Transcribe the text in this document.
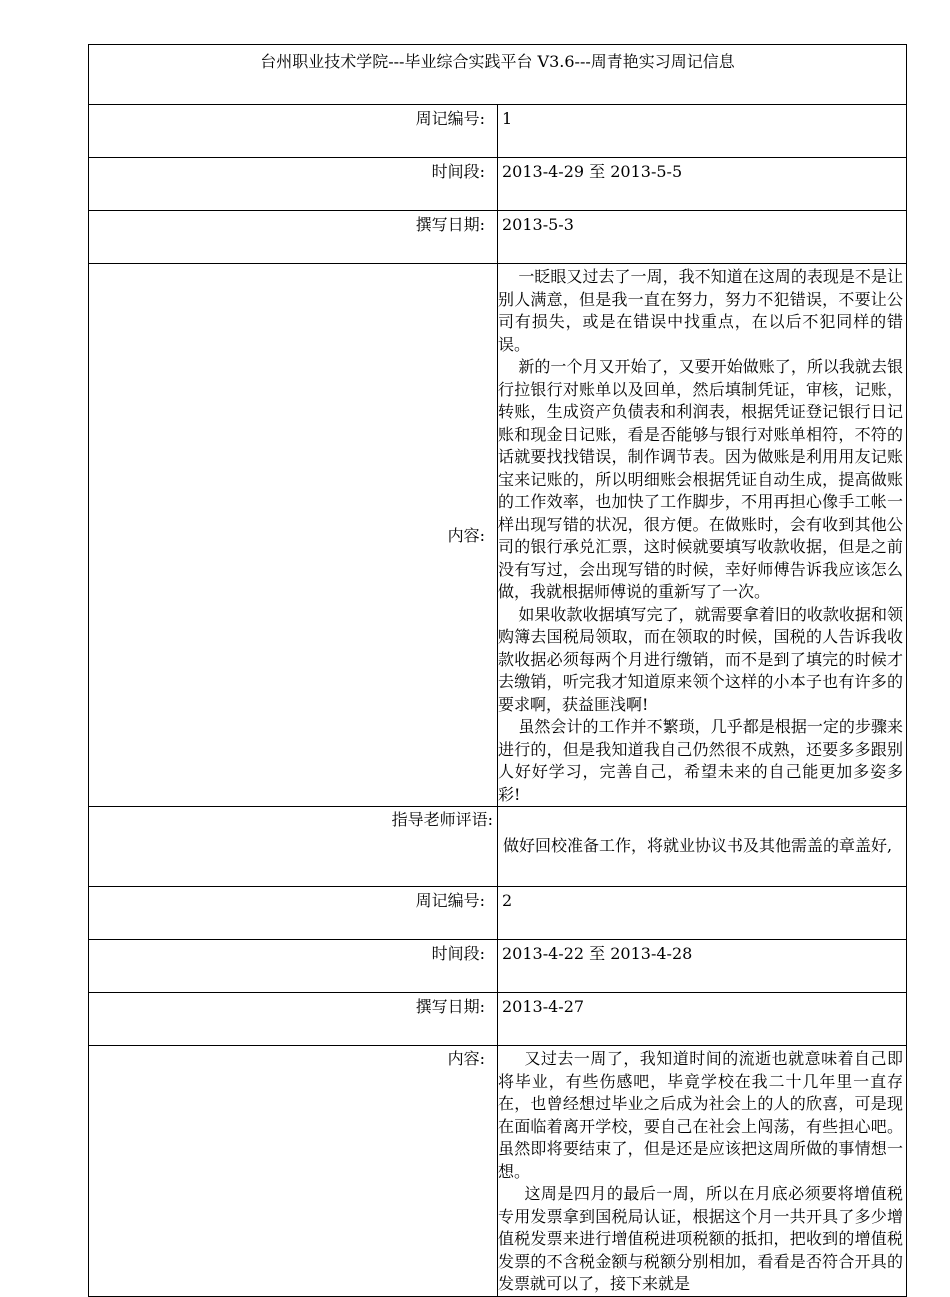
台州职业技术学院---毕业综合实践平台 V3.6---周青艳实习周记信息	
周记编号:	1
时间段:	2013-4-29 至 2013-5-5
撰写日期:	2013-5-3
内容:	一眨眼又过去了一周，我不知道在这周的表现是不是让别人满意，但是我一直在努力，努力不犯错误，不要让公司有损失，或是在错误中找重点，在以后不犯同样的错误。

新的一个月又开始了，又要开始做账了，所以我就去银行拉银行对账单以及回单，然后填制凭证，审核，记账，转账，生成资产负债表和利润表，根据凭证登记银行日记账和现金日记账，看是否能够与银行对账单相符，不符的话就要找找错误，制作调节表。因为做账是利用用友记账宝来记账的，所以明细账会根据凭证自动生成，提高做账的工作效率，也加快了工作脚步，不用再担心像手工帐一样出现写错的状况，很方便。在做账时，会有收到其他公司的银行承兑汇票，这时候就要填写收款收据，但是之前没有写过，会出现写错的时候，幸好师傅告诉我应该怎么做，我就根据师傅说的重新写了一次。

如果收款收据填写完了，就需要拿着旧的收款收据和领购簿去国税局领取，而在领取的时候，国税的人告诉我收款收据必须每两个月进行缴销，而不是到了填完的时候才去缴销，听完我才知道原来领个这样的小本子也有许多的要求啊，获益匪浅啊!

虽然会计的工作并不繁琐，几乎都是根据一定的步骤来进行的，但是我知道我自己仍然很不成熟，还要多多跟别人好好学习，完善自己，希望未来的自己能更加多姿多彩!

指导老师评语:	做好回校准备工作，将就业协议书及其他需盖的章盖好,
周记编号:	2
时间段:	2013-4-22 至 2013-4-28
撰写日期:	2013-4-27
内容:	又过去一周了，我知道时间的流逝也就意味着自己即将毕业，有些伤感吧，毕竟学校在我二十几年里一直存在，也曾经想过毕业之后成为社会上的人的欣喜，可是现在面临着离开学校，要自己在社会上闯荡，有些担心吧。虽然即将要结束了，但是还是应该把这周所做的事情想一想。

这周是四月的最后一周，所以在月底必须要将增值税专用发票拿到国税局认证，根据这个月一共开具了多少增值税发票来进行增值税进项税额的抵扣，把收到的增值税发票的不含税金额与税额分别相加，看看是否符合开具的发票就可以了，接下来就是
